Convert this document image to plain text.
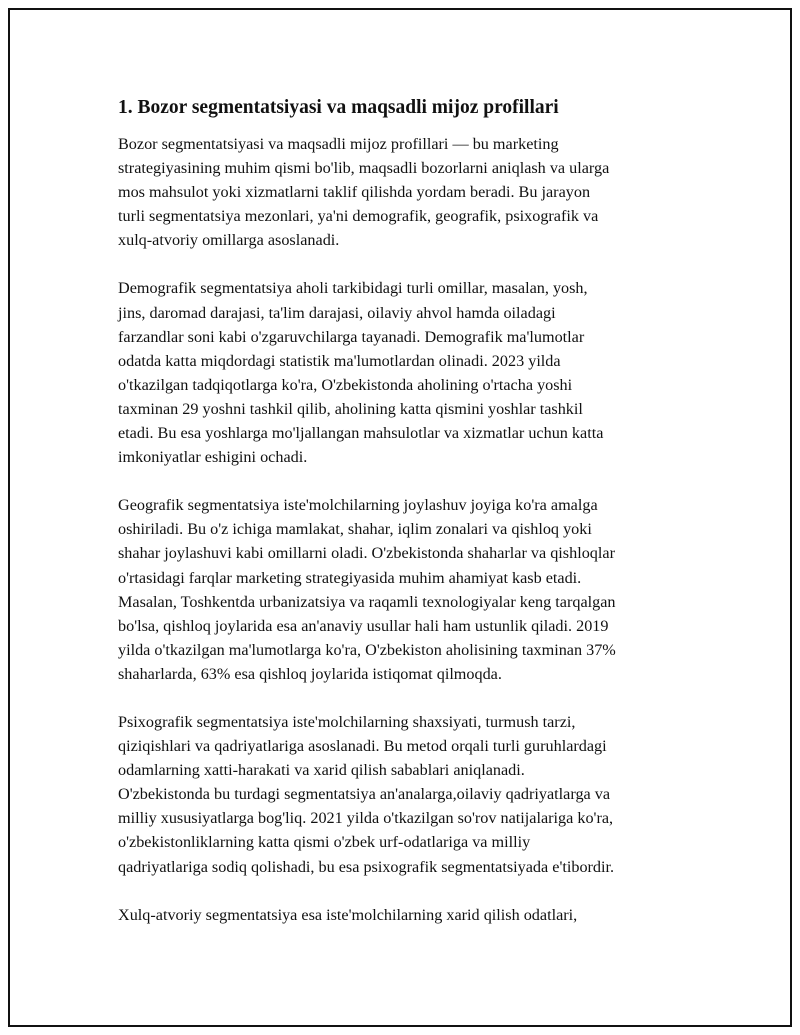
1. Bozor segmentatsiyasi va maqsadli mijoz profillari

Bozor segmentatsiyasi va maqsadli mijoz profillari — bu marketing
strategiyasining muhim qismi bo'lib, maqsadli bozorlarni aniqlash va ularga
mos mahsulot yoki xizmatlarni taklif qilishda yordam beradi. Bu jarayon
turli segmentatsiya mezonlari, ya'ni demografik, geografik, psixografik va
xulq-atvoriy omillarga asoslanadi.

Demografik segmentatsiya aholi tarkibidagi turli omillar, masalan, yosh,
jins, daromad darajasi, ta'lim darajasi, oilaviy ahvol hamda oiladagi
farzandlar soni kabi o'zgaruvchilarga tayanadi. Demografik ma'lumotlar
odatda katta miqdordagi statistik ma'lumotlardan olinadi. 2023 yilda
o'tkazilgan tadqiqotlarga ko'ra, O'zbekistonda aholining o'rtacha yoshi
taxminan 29 yoshni tashkil qilib, aholining katta qismini yoshlar tashkil
etadi. Bu esa yoshlarga mo'ljallangan mahsulotlar va xizmatlar uchun katta
imkoniyatlar eshigini ochadi.

Geografik segmentatsiya iste'molchilarning joylashuv joyiga ko'ra amalga
oshiriladi. Bu o'z ichiga mamlakat, shahar, iqlim zonalari va qishloq yoki
shahar joylashuvi kabi omillarni oladi. O'zbekistonda shaharlar va qishloqlar
o'rtasidagi farqlar marketing strategiyasida muhim ahamiyat kasb etadi.
Masalan, Toshkentda urbanizatsiya va raqamli texnologiyalar keng tarqalgan
bo'lsa, qishloq joylarida esa an'anaviy usullar hali ham ustunlik qiladi. 2019
yilda o'tkazilgan ma'lumotlarga ko'ra, O'zbekiston aholisining taxminan 37%
shaharlarda, 63% esa qishloq joylarida istiqomat qilmoqda.

Psixografik segmentatsiya iste'molchilarning shaxsiyati, turmush tarzi,
qiziqishlari va qadriyatlariga asoslanadi. Bu metod orqali turli guruhlardagi
odamlarning xatti-harakati va xarid qilish sabablari aniqlanadi.
O'zbekistonda bu turdagi segmentatsiya an'analarga,oilaviy qadriyatlarga va
milliy xususiyatlarga bog'liq. 2021 yilda o'tkazilgan so'rov natijalariga ko'ra,
o'zbekistonliklarning katta qismi o'zbek urf-odatlariga va milliy
qadriyatlariga sodiq qolishadi, bu esa psixografik segmentatsiyada e'tibordir.

Xulq-atvoriy segmentatsiya esa iste'molchilarning xarid qilish odatlari,
